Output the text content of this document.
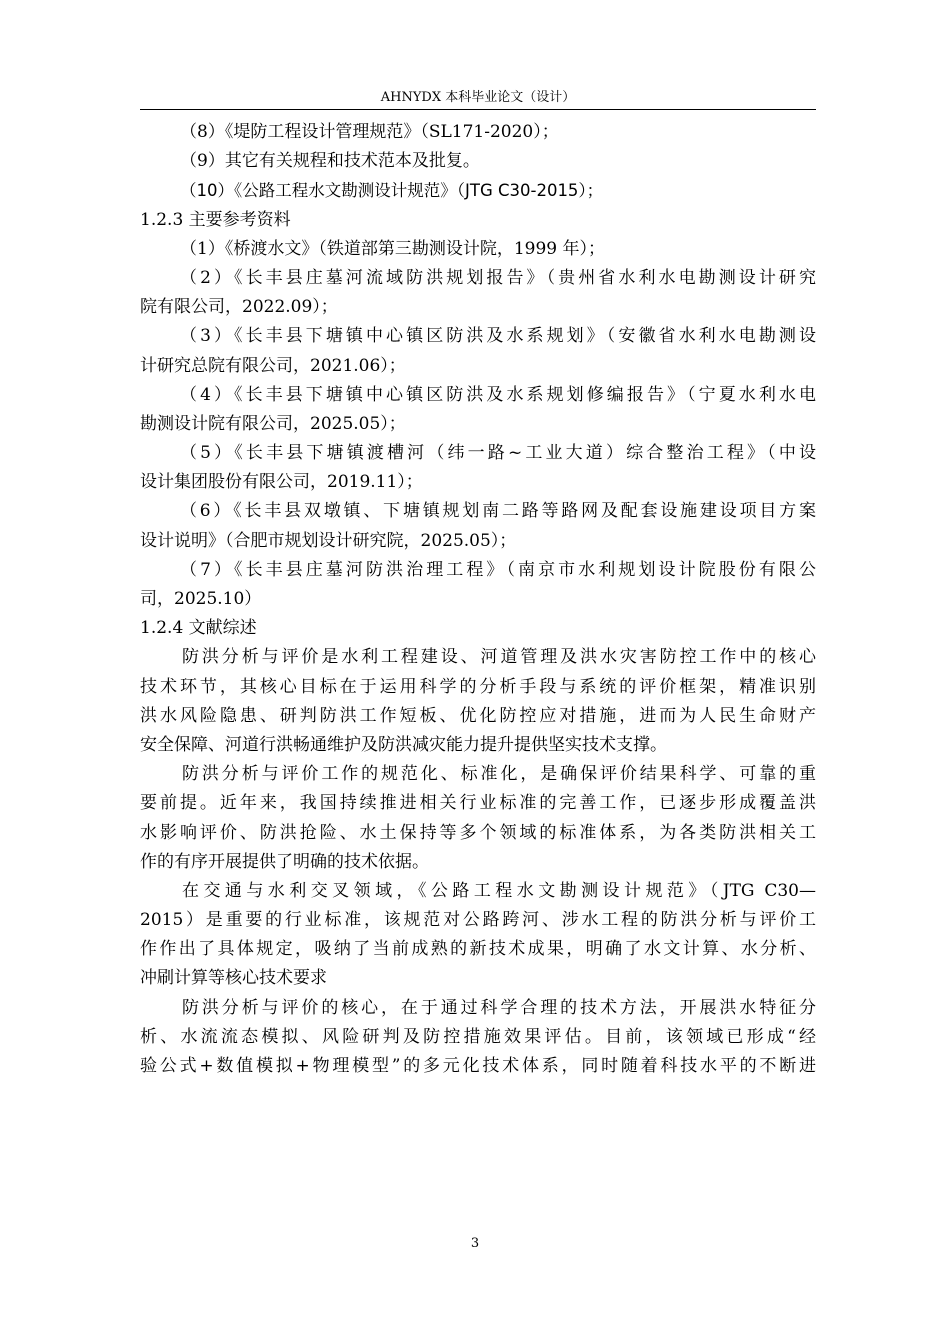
AHNYDX 本科毕业论文（设计）
（8）《堤防工程设计管理规范》（SL171-2020）；
（9）其它有关规程和技术范本及批复。
（10）《公路工程水文勘测设计规范》（JTG C30-2015）；
1.2.3 主要参考资料
（1）《桥渡水文》（铁道部第三勘测设计院，1999 年）；
（2）《长丰县庄墓河流域防洪规划报告》（贵州省水利水电勘测设计研究
院有限公司，2022.09）；
（3）《长丰县下塘镇中心镇区防洪及水系规划》（安徽省水利水电勘测设
计研究总院有限公司，2021.06）；
（4）《长丰县下塘镇中心镇区防洪及水系规划修编报告》（宁夏水利水电
勘测设计院有限公司，2025.05）；
（5）《长丰县下塘镇渡槽河（纬一路~工业大道）综合整治工程》（中设
设计集团股份有限公司，2019.11）；
（6）《长丰县双墩镇、下塘镇规划南二路等路网及配套设施建设项目方案
设计说明》（合肥市规划设计研究院，2025.05）；
（7）《长丰县庄墓河防洪治理工程》（南京市水利规划设计院股份有限公
司，2025.10）
1.2.4 文献综述
防洪分析与评价是水利工程建设、河道管理及洪水灾害防控工作中的核心
技术环节，其核心目标在于运用科学的分析手段与系统的评价框架，精准识别
洪水风险隐患、研判防洪工作短板、优化防控应对措施，进而为人民生命财产
安全保障、河道行洪畅通维护及防洪减灾能力提升提供坚实技术支撑。
防洪分析与评价工作的规范化、标准化，是确保评价结果科学、可靠的重
要前提。近年来，我国持续推进相关行业标准的完善工作，已逐步形成覆盖洪
水影响评价、防洪抢险、水土保持等多个领域的标准体系，为各类防洪相关工
作的有序开展提供了明确的技术依据。
在交通与水利交叉领域，《公路工程水文勘测设计规范》（JTG C30—
2015）是重要的行业标准，该规范对公路跨河、涉水工程的防洪分析与评价工
作作出了具体规定，吸纳了当前成熟的新技术成果，明确了水文计算、水分析、
冲刷计算等核心技术要求
防洪分析与评价的核心，在于通过科学合理的技术方法，开展洪水特征分
析、水流流态模拟、风险研判及防控措施效果评估。目前，该领域已形成“经
验公式+数值模拟+物理模型”的多元化技术体系，同时随着科技水平的不断进
3
